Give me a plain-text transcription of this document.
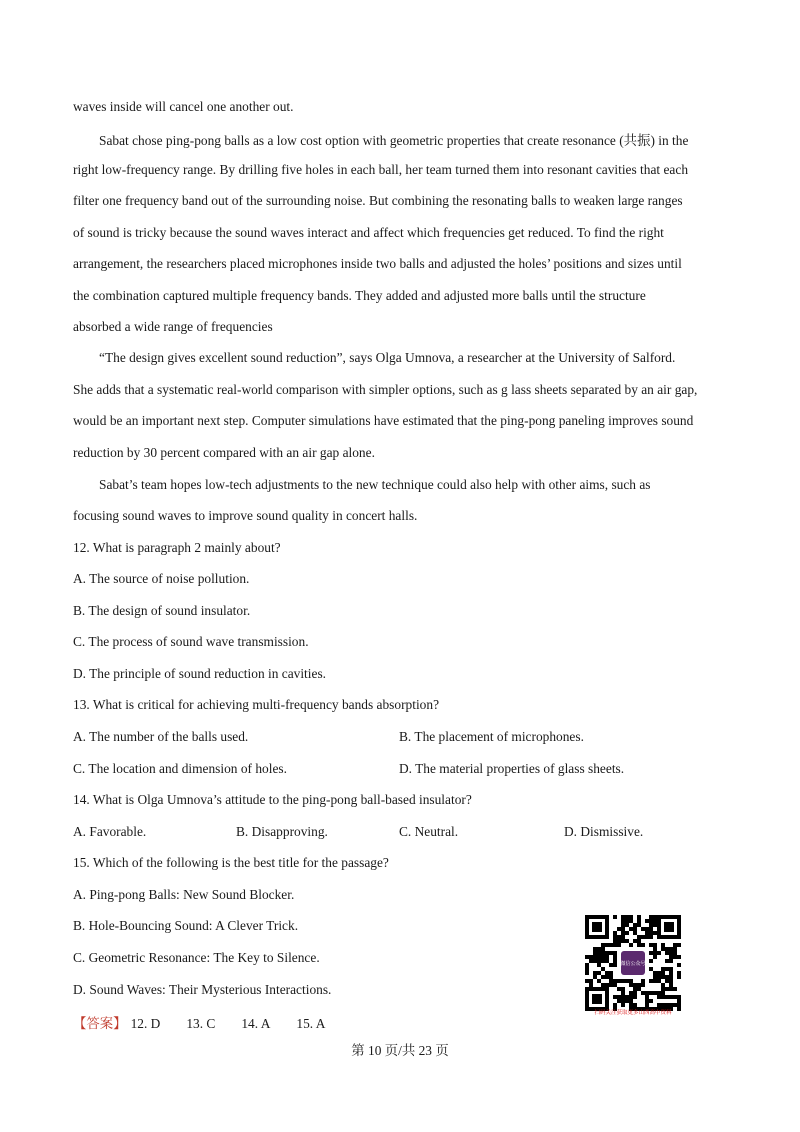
waves inside will cancel one another out.
Sabat chose ping-pong balls as a low cost option with geometric properties that create resonance (共振) in the
right low-frequency range. By drilling five holes in each ball, her team turned them into resonant cavities that each
filter one frequency band out of the surrounding noise. But combining the resonating balls to weaken large ranges
of sound is tricky because the sound waves interact and affect which frequencies get reduced. To find the right
arrangement, the researchers placed microphones inside two balls and adjusted the holes’ positions and sizes until
the combination captured multiple frequency bands. They added and adjusted more balls until the structure
absorbed a wide range of frequencies
“The design gives excellent sound reduction”, says Olga Umnova, a researcher at the University of Salford.
She adds that a systematic real-world comparison with simpler options, such as g lass sheets separated by an air gap,
would be an important next step. Computer simulations have estimated that the ping-pong paneling improves sound
reduction by 30 percent compared with an air gap alone.
Sabat’s team hopes low-tech adjustments to the new technique could also help with other aims, such as
focusing sound waves to improve sound quality in concert halls.
12. What is paragraph 2 mainly about?
A. The source of noise pollution.
B. The design of sound insulator.
C. The process of sound wave transmission.
D. The principle of sound reduction in cavities.
13. What is critical for achieving multi-frequency bands absorption?
A. The number of the balls used.	B. The placement of microphones.
C. The location and dimension of holes.	D. The material properties of glass sheets.
14. What is Olga Umnova’s attitude to the ping-pong ball-based insulator?
A. Favorable.	B. Disapproving.	C. Neutral.	D. Dismissive.
15. Which of the following is the best title for the passage?
A. Ping-pong Balls: New Sound Blocker.
B. Hole-Bouncing Sound: A Clever Trick.
C. Geometric Resonance: The Key to Silence.
D. Sound Waves: Their Mysterious Interactions.
【答案】 12. D 13. C 14. A 15. A
微信公众号
扫码关注获取更多山西高中资料
第 10 页/共 23 页
